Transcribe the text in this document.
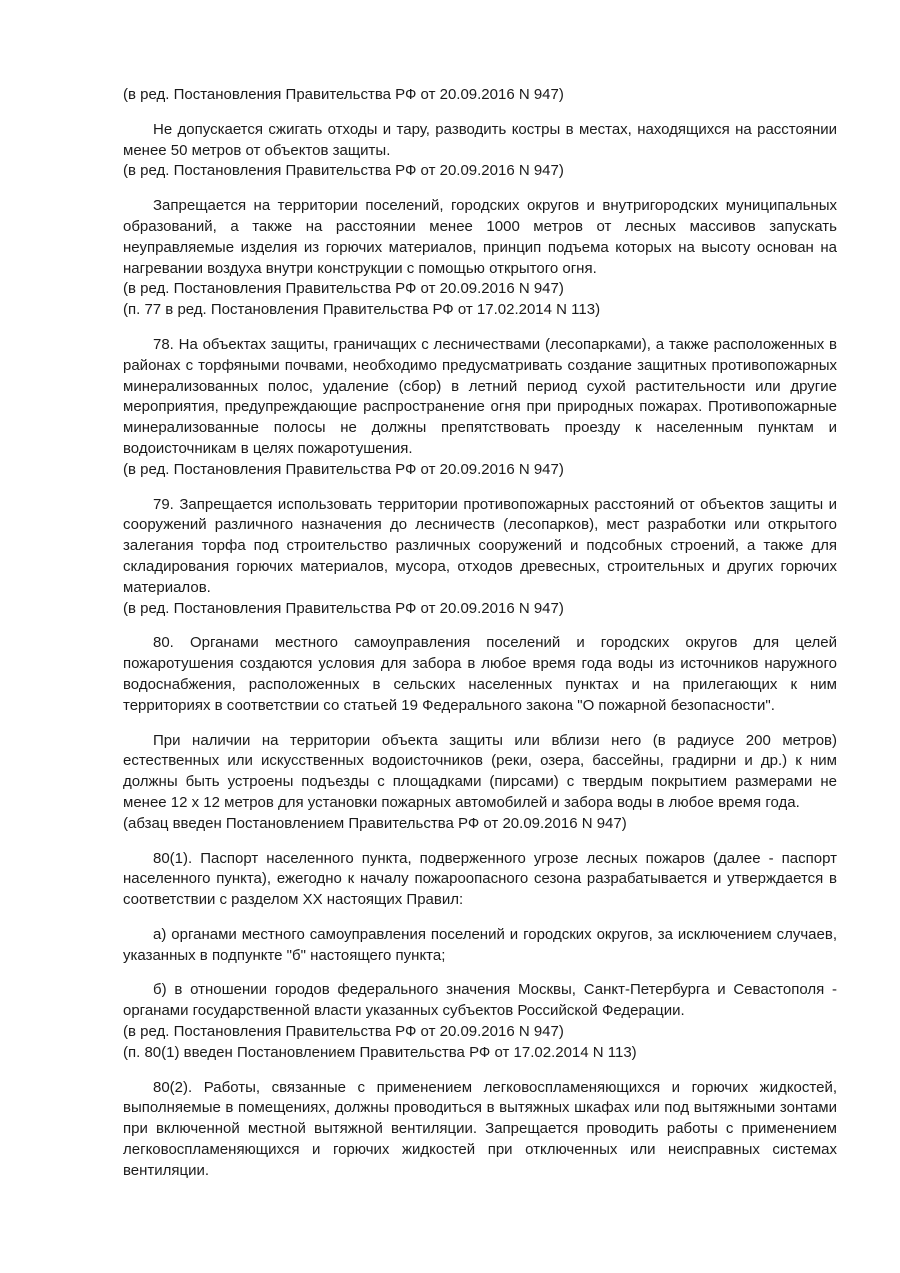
(в ред. Постановления Правительства РФ от 20.09.2016 N 947)

Не допускается сжигать отходы и тару, разводить костры в местах, находящихся на расстоянии менее 50 метров от объектов защиты.

(в ред. Постановления Правительства РФ от 20.09.2016 N 947)

Запрещается на территории поселений, городских округов и внутригородских муниципальных образований, а также на расстоянии менее 1000 метров от лесных массивов запускать неуправляемые изделия из горючих материалов, принцип подъема которых на высоту основан на нагревании воздуха внутри конструкции с помощью открытого огня.

(в ред. Постановления Правительства РФ от 20.09.2016 N 947)

(п. 77 в ред. Постановления Правительства РФ от 17.02.2014 N 113)

78. На объектах защиты, граничащих с лесничествами (лесопарками), а также расположенных в районах с торфяными почвами, необходимо предусматривать создание защитных противопожарных минерализованных полос, удаление (сбор) в летний период сухой растительности или другие мероприятия, предупреждающие распространение огня при природных пожарах. Противопожарные минерализованные полосы не должны препятствовать проезду к населенным пунктам и водоисточникам в целях пожаротушения.

(в ред. Постановления Правительства РФ от 20.09.2016 N 947)

79. Запрещается использовать территории противопожарных расстояний от объектов защиты и сооружений различного назначения до лесничеств (лесопарков), мест разработки или открытого залегания торфа под строительство различных сооружений и подсобных строений, а также для складирования горючих материалов, мусора, отходов древесных, строительных и других горючих материалов.

(в ред. Постановления Правительства РФ от 20.09.2016 N 947)

80. Органами местного самоуправления поселений и городских округов для целей пожаротушения создаются условия для забора в любое время года воды из источников наружного водоснабжения, расположенных в сельских населенных пунктах и на прилегающих к ним территориях в соответствии со статьей 19 Федерального закона "О пожарной безопасности".

При наличии на территории объекта защиты или вблизи него (в радиусе 200 метров) естественных или искусственных водоисточников (реки, озера, бассейны, градирни и др.) к ним должны быть устроены подъезды с площадками (пирсами) с твердым покрытием размерами не менее 12 х 12 метров для установки пожарных автомобилей и забора воды в любое время года.

(абзац введен Постановлением Правительства РФ от 20.09.2016 N 947)

80(1). Паспорт населенного пункта, подверженного угрозе лесных пожаров (далее - паспорт населенного пункта), ежегодно к началу пожароопасного сезона разрабатывается и утверждается в соответствии с разделом XX настоящих Правил:

а) органами местного самоуправления поселений и городских округов, за исключением случаев, указанных в подпункте "б" настоящего пункта;

б) в отношении городов федерального значения Москвы, Санкт-Петербурга и Севастополя - органами государственной власти указанных субъектов Российской Федерации.

(в ред. Постановления Правительства РФ от 20.09.2016 N 947)

(п. 80(1) введен Постановлением Правительства РФ от 17.02.2014 N 113)

80(2). Работы, связанные с применением легковоспламеняющихся и горючих жидкостей, выполняемые в помещениях, должны проводиться в вытяжных шкафах или под вытяжными зонтами при включенной местной вытяжной вентиляции. Запрещается проводить работы с применением легковоспламеняющихся и горючих жидкостей при отключенных или неисправных системах вентиляции.
